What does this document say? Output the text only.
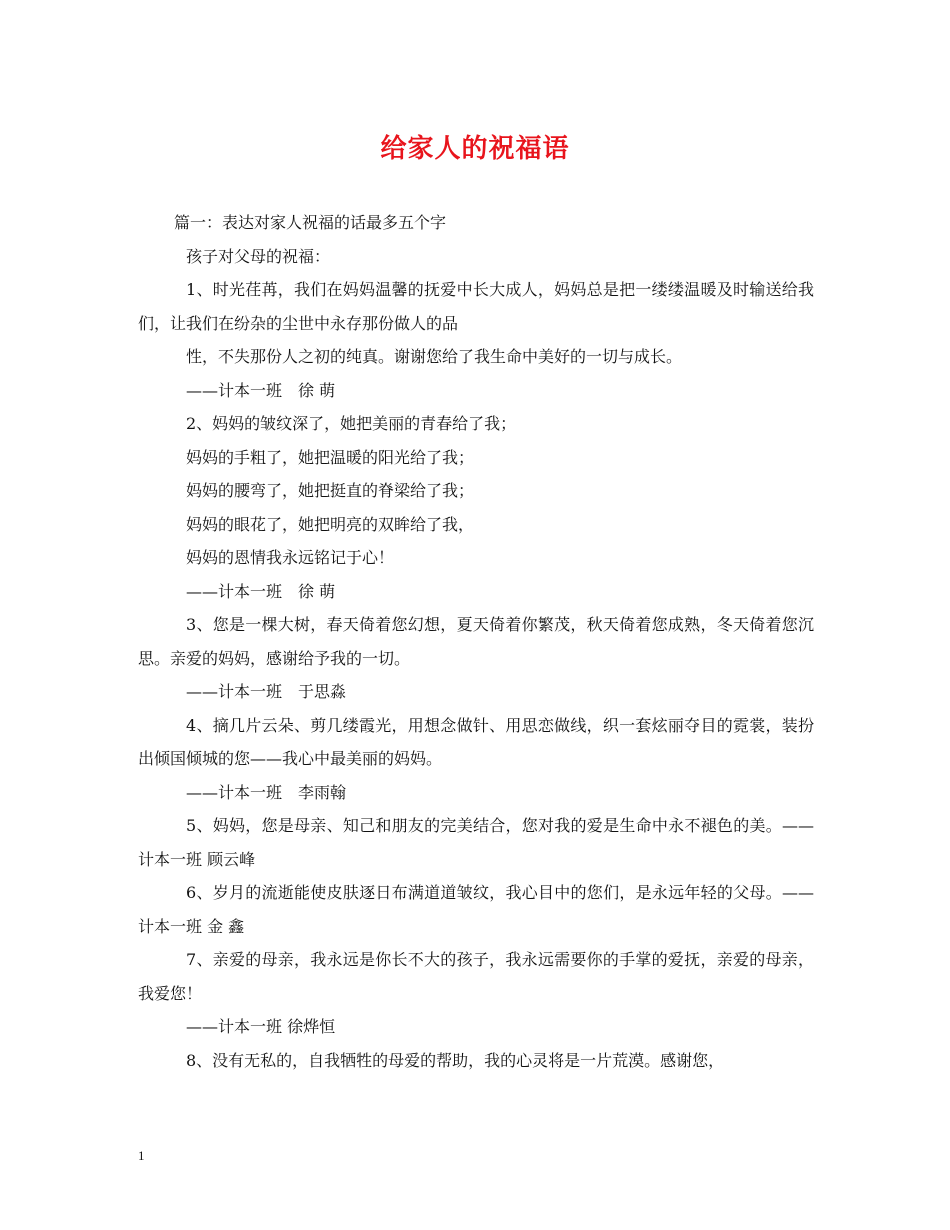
给家人的祝福语

篇一：表达对家人祝福的话最多五个字

孩子对父母的祝福：

1、时光荏苒，我们在妈妈温馨的抚爱中长大成人，妈妈总是把一缕缕温暖及时输送给我们，让我们在纷杂的尘世中永存那份做人的品

性，不失那份人之初的纯真。谢谢您给了我生命中美好的一切与成长。

——计本一班　徐 萌

2、妈妈的皱纹深了，她把美丽的青春给了我；

妈妈的手粗了，她把温暖的阳光给了我；

妈妈的腰弯了，她把挺直的脊梁给了我；

妈妈的眼花了，她把明亮的双眸给了我，

妈妈的恩情我永远铭记于心！

——计本一班　徐 萌

3、您是一棵大树，春天倚着您幻想，夏天倚着你繁茂，秋天倚着您成熟，冬天倚着您沉思。亲爱的妈妈，感谢给予我的一切。

——计本一班　于思淼

4、摘几片云朵、剪几缕霞光，用想念做针、用思恋做线，织一套炫丽夺目的霓裳，装扮出倾国倾城的您——我心中最美丽的妈妈。

——计本一班　李雨翰

5、妈妈，您是母亲、知己和朋友的完美结合，您对我的爱是生命中永不褪色的美。——计本一班 顾云峰

6、岁月的流逝能使皮肤逐日布满道道皱纹，我心目中的您们，是永远年轻的父母。——计本一班 金 鑫

7、亲爱的母亲，我永远是你长不大的孩子，我永远需要你的手掌的爱抚，亲爱的母亲，我爱您！

——计本一班 徐烨恒

8、没有无私的，自我牺牲的母爱的帮助，我的心灵将是一片荒漠。感谢您，

1
